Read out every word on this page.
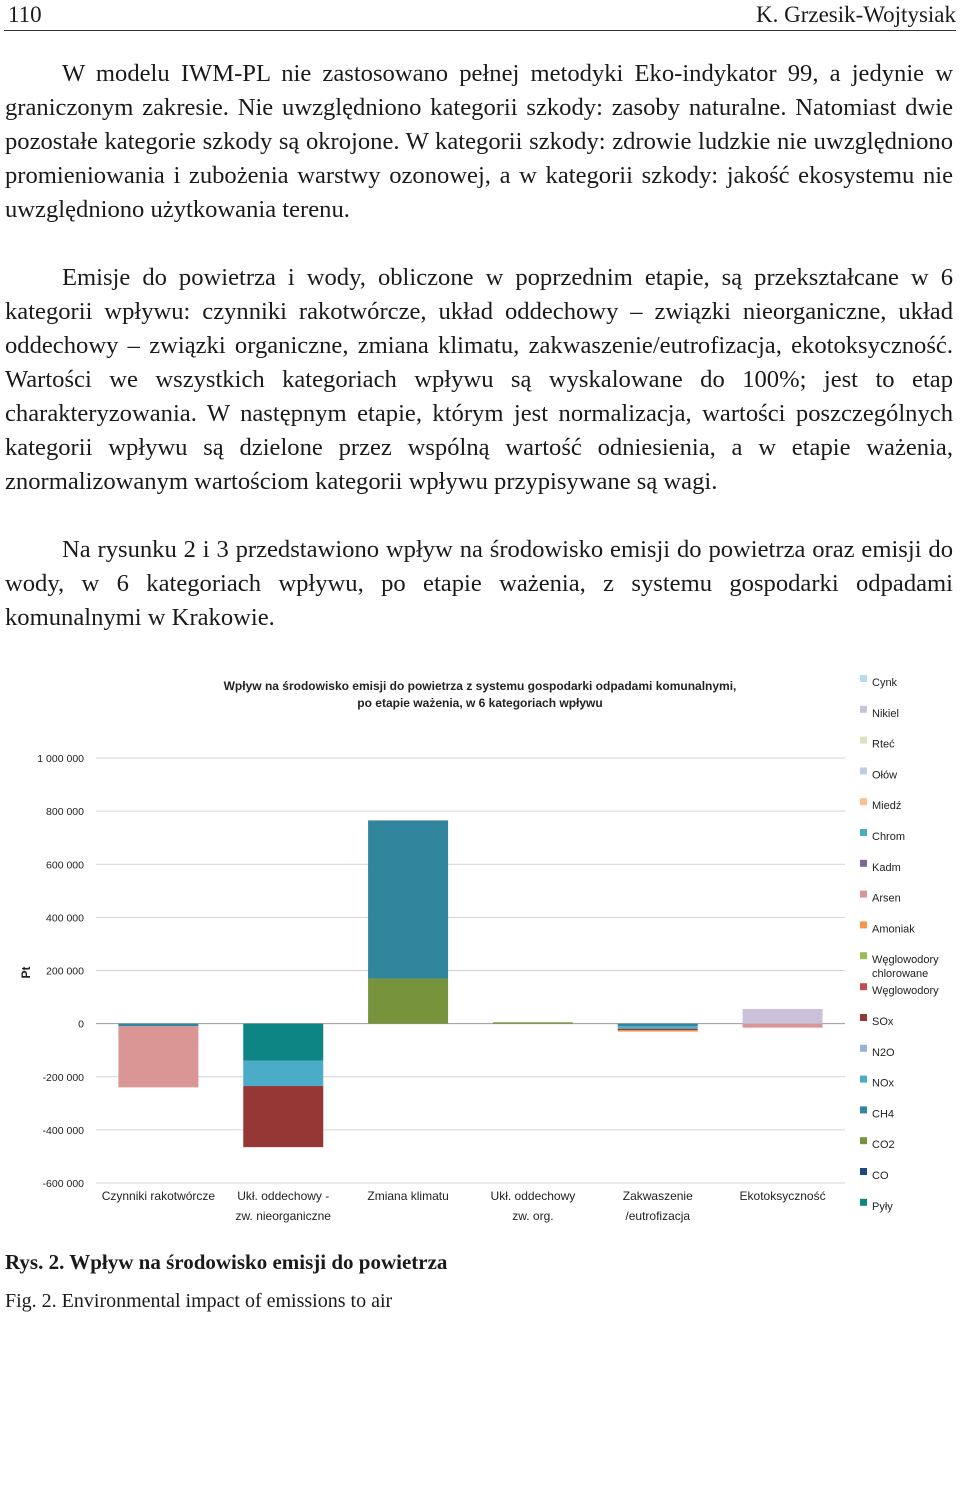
110	K. Grzesik-Wojtysiak

W modelu IWM-PL nie zastosowano pełnej metodyki Eko-indykator 99, a jedynie w graniczonym zakresie. Nie uwzględniono kategorii szkody: zasoby naturalne. Natomiast dwie pozostałe kategorie szkody są okrojone. W kategorii szkody: zdrowie ludzkie nie uwzględniono promieniowania i zubożenia warstwy ozonowej, a w kategorii szkody: jakość ekosystemu nie uwzględniono użytkowania terenu.

Emisje do powietrza i wody, obliczone w poprzednim etapie, są przekształcane w 6 kategorii wpływu: czynniki rakotwórcze, układ oddechowy – związki nieorganiczne, układ oddechowy – związki organiczne, zmiana klimatu, zakwaszenie/eutrofizacja, ekotoksyczność. Wartości we wszystkich kategoriach wpływu są wyskalowane do 100%; jest to etap charakteryzowania. W następnym etapie, którym jest normalizacja, wartości poszczególnych kategorii wpływu są dzielone przez wspólną wartość odniesienia, a w etapie ważenia, znormalizowanym wartościom kategorii wpływu przypisywane są wagi.

Na rysunku 2 i 3 przedstawiono wpływ na środowisko emisji do powietrza oraz emisji do wody, w 6 kategoriach wpływu, po etapie ważenia, z systemu gospodarki odpadami komunalnymi w Krakowie.

Wpływ na środowisko emisji do powietrza z systemu gospodarki odpadami komunalnymi,
po etapie ważenia, w 6 kategoriach wpływu
1 000 000
800 000
600 000
400 000
200 000
0
-200 000
-400 000
-600 000
Pt
Czynniki rakotwórcze Ukł. oddechowy -
zw. nieorganiczne
Zmiana klimatu	Ukł. oddechowy
zw. org.
Zakwaszenie
/eutrofizacja
Ekotoksyczność
Cynk
Nikiel
Rteć
Ołów
Miedź
Chrom
Kadm
Arsen
Amoniak
Węglowodory
chlorowane
Węglowodory
SOx
N2O
NOx
CH4
CO2
CO
Pyły
Rys. 2. Wpływ na środowisko emisji do powietrza
Fig. 2. Environmental impact of emissions to air
